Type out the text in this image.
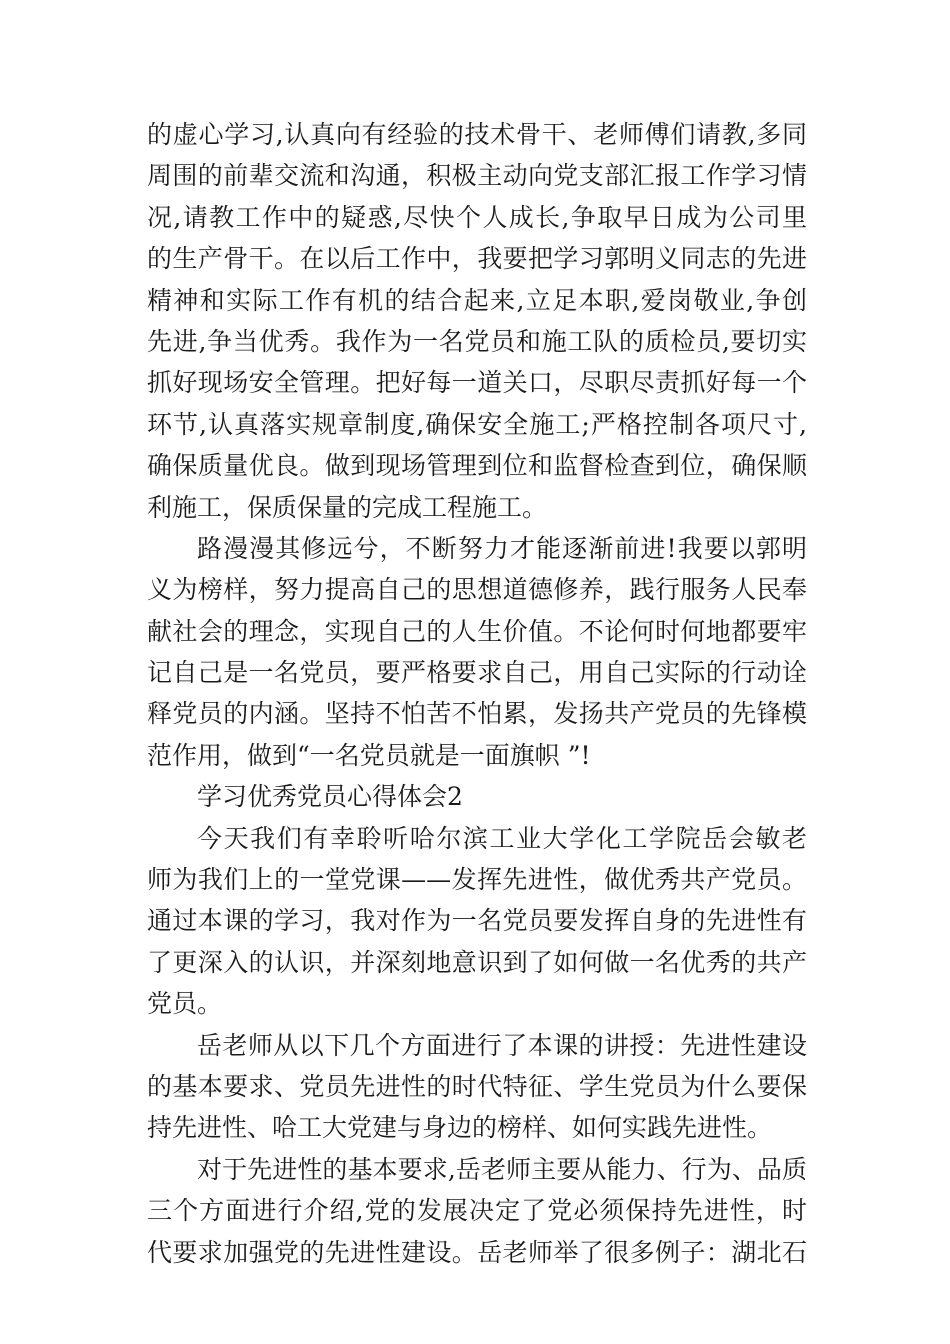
的虚心学习,认真向有经验的技术骨干、老师傅们请教,多同
周围的前辈交流和沟通，积极主动向党支部汇报工作学习情
况,请教工作中的疑惑,尽快个人成长,争取早日成为公司里
的生产骨干。在以后工作中，我要把学习郭明义同志的先进
精神和实际工作有机的结合起来,立足本职,爱岗敬业,争创
先进,争当优秀。我作为一名党员和施工队的质检员,要切实
抓好现场安全管理。把好每一道关口，尽职尽责抓好每一个
环节,认真落实规章制度,确保安全施工;严格控制各项尺寸,
确保质量优良。做到现场管理到位和监督检查到位，确保顺
利施工，保质保量的完成工程施工。
路漫漫其修远兮，不断努力才能逐渐前进!我要以郭明
义为榜样，努力提高自己的思想道德修养，践行服务人民奉
献社会的理念，实现自己的人生价值。不论何时何地都要牢
记自己是一名党员，要严格要求自己，用自己实际的行动诠
释党员的内涵。坚持不怕苦不怕累，发扬共产党员的先锋模
范作用，做到“一名党员就是一面旗帜 ”!
学习优秀党员心得体会2
今天我们有幸聆听哈尔滨工业大学化工学院岳会敏老
师为我们上的一堂党课——发挥先进性，做优秀共产党员。
通过本课的学习，我对作为一名党员要发挥自身的先进性有
了更深入的认识，并深刻地意识到了如何做一名优秀的共产
党员。
岳老师从以下几个方面进行了本课的讲授：先进性建设
的基本要求、党员先进性的时代特征、学生党员为什么要保
持先进性、哈工大党建与身边的榜样、如何实践先进性。
对于先进性的基本要求,岳老师主要从能力、行为、品质
三个方面进行介绍,党的发展决定了党必须保持先进性，时
代要求加强党的先进性建设。岳老师举了很多例子：湖北石
